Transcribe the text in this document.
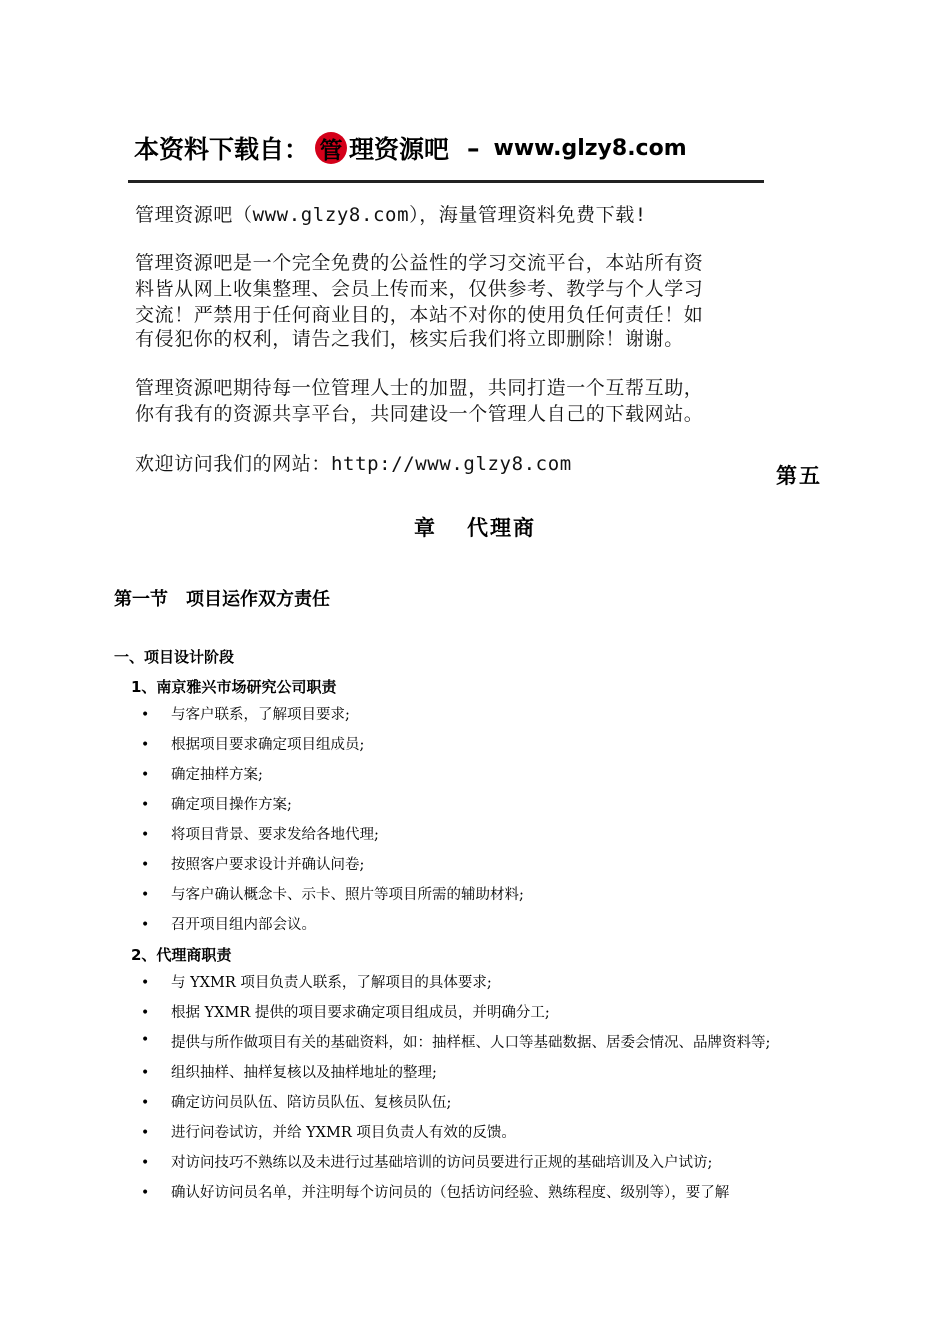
本资料下载自： 管 理资源吧 – www.glzy8.com
管理资源吧（www.glzy8.com），海量管理资料免费下载!
管理资源吧是一个完全免费的公益性的学习交流平台，本站所有资
料皆从网上收集整理、会员上传而来，仅供参考、教学与个人学习
交流！严禁用于任何商业目的，本站不对你的使用负任何责任！如
有侵犯你的权利，请告之我们，核实后我们将立即删除！谢谢。
管理资源吧期待每一位管理人士的加盟，共同打造一个互帮互助，
你有我有的资源共享平台，共同建设一个管理人自己的下载网站。
欢迎访问我们的网站：http://www.glzy8.com	第五
章 代理商
第一节　项目运作双方责任
一、项目设计阶段
1、南京雅兴市场研究公司职责
• 与客户联系，了解项目要求;
• 根据项目要求确定项目组成员;
• 确定抽样方案;
• 确定项目操作方案;
• 将项目背景、要求发给各地代理;
• 按照客户要求设计并确认问卷;
• 与客户确认概念卡、示卡、照片等项目所需的辅助材料;
• 召开项目组内部会议。
2、代理商职责
• 与 YXMR 项目负责人联系，了解项目的具体要求;
• 根据 YXMR 提供的项目要求确定项目组成员，并明确分工;
• 提供与所作做项目有关的基础资料，如：抽样框、人口等基础数据、居委会情况、品牌资料等;
• 组织抽样、抽样复核以及抽样地址的整理;
• 确定访问员队伍、陪访员队伍、复核员队伍;
• 进行问卷试访，并给 YXMR 项目负责人有效的反馈。
• 对访问技巧不熟练以及未进行过基础培训的访问员要进行正规的基础培训及入户试访;
• 确认好访问员名单，并注明每个访问员的（包括访问经验、熟练程度、级别等），要了解
